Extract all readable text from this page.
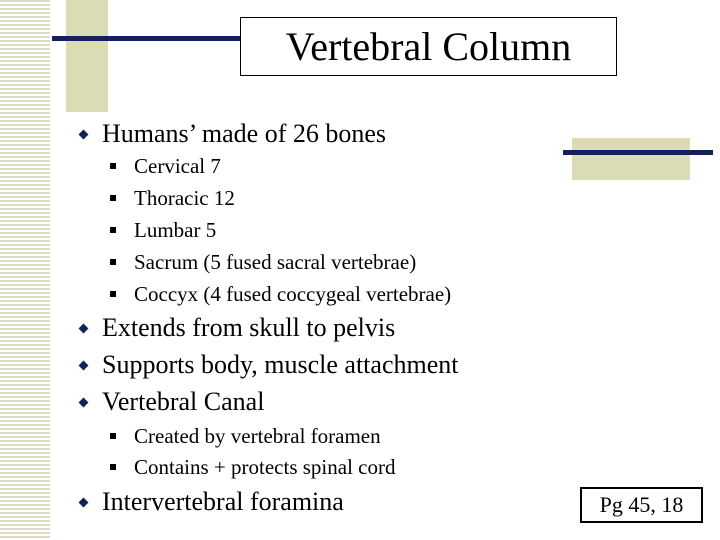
Vertebral Column
Humans’ made of 26 bones
Cervical 7
Thoracic 12
Lumbar 5
Sacrum (5 fused sacral vertebrae)
Coccyx (4 fused coccygeal vertebrae)
Extends from skull to pelvis
Supports body, muscle attachment
Vertebral Canal
Created by vertebral foramen
Contains + protects spinal cord
Intervertebral foramina	Pg 45, 18
